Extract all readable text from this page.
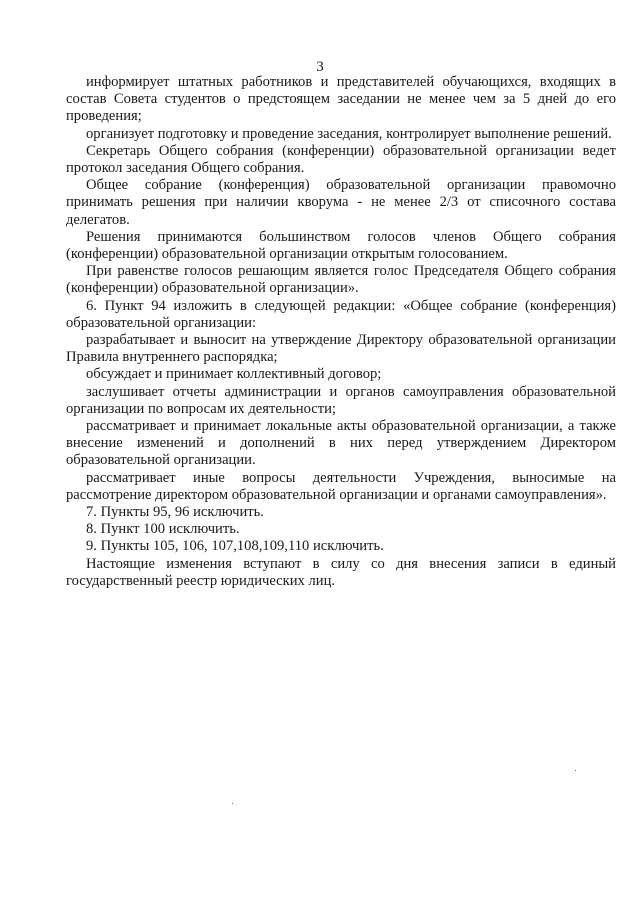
3

информирует штатных работников и представителей обучающихся, входящих в состав Совета студентов о предстоящем заседании не менее чем за 5 дней до его проведения;

организует подготовку и проведение заседания, контролирует выполнение решений.

Секретарь Общего собрания (конференции) образовательной организации ведет протокол заседания Общего собрания.

Общее собрание (конференция) образовательной организации правомочно принимать решения при наличии кворума - не менее 2/3 от списочного состава делегатов.

Решения принимаются большинством голосов членов Общего собрания (конференции) образовательной организации открытым голосованием.

При равенстве голосов решающим является голос Председателя Общего собрания (конференции) образовательной организации».

6. Пункт 94 изложить в следующей редакции: «Общее собрание (конференция) образовательной организации:

разрабатывает и выносит на утверждение Директору образовательной организации Правила внутреннего распорядка;

обсуждает и принимает коллективный договор;

заслушивает отчеты администрации и органов самоуправления образовательной организации по вопросам их деятельности;

рассматривает и принимает локальные акты образовательной организации, а также внесение изменений и дополнений в них перед утверждением Директором образовательной организации.

рассматривает иные вопросы деятельности Учреждения, выносимые на рассмотрение директором образовательной организации и органами самоуправления».

7. Пункты 95, 96 исключить.

8. Пункт 100 исключить.

9. Пункты 105, 106, 107,108,109,110 исключить.

Настоящие изменения вступают в силу со дня внесения записи в единый государственный реестр юридических лиц.
